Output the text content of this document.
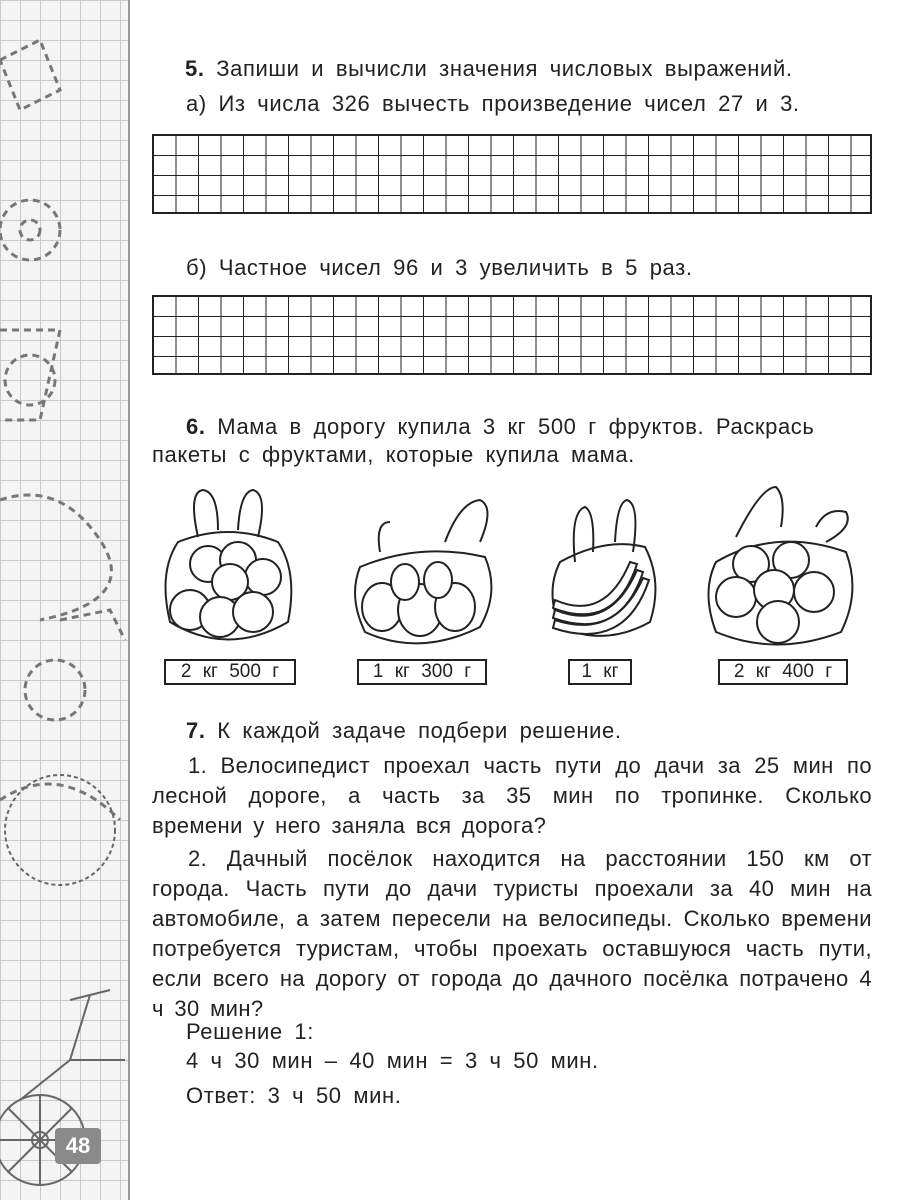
48
5. Запиши и вычисли значения числовых выражений.
а) Из числа 326 вычесть произведение чисел 27 и 3.
б) Частное чисел 96 и 3 увеличить в 5 раз.
6. Мама в дорогу купила 3 кг 500 г фруктов. Раскрась
пакеты с фруктами, которые купила мама.
2 кг 500 г	1 кг 300 г	1 кг	2 кг 400 г
7. К каждой задаче подбери решение.
1. Велосипедист проехал часть пути до дачи за 25 мин по лесной дороге, а часть за 35 мин по тропинке. Сколько времени у него заняла вся дорога?
2. Дачный посёлок находится на расстоянии 150 км от города. Часть пути до дачи туристы проехали за 40 мин на автомобиле, а затем пересели на велосипеды. Сколько времени потребуется туристам, чтобы проехать оставшуюся часть пути, если всего на дорогу от города до дачного посёлка потрачено 4 ч 30 мин?
Решение 1:
4 ч 30 мин – 40 мин = 3 ч 50 мин.
Ответ: 3 ч 50 мин.
